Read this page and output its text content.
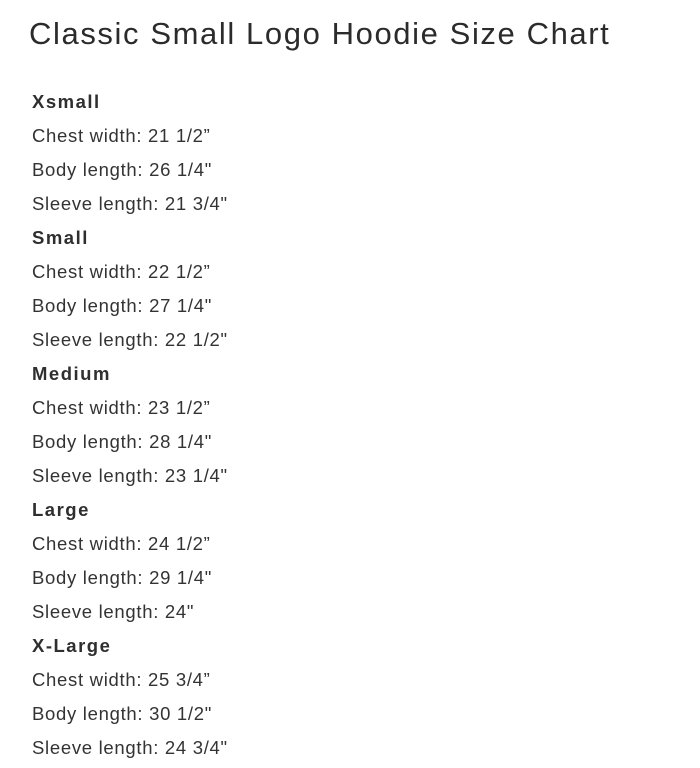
Classic Small Logo Hoodie Size Chart
Xsmall
Chest width: 21 1/2”
Body length: 26 1/4"
Sleeve length: 21 3/4"
Small
Chest width: 22 1/2”
Body length: 27 1/4"
Sleeve length: 22 1/2"
Medium
Chest width: 23 1/2”
Body length: 28 1/4"
Sleeve length: 23 1/4"
Large
Chest width: 24 1/2”
Body length: 29 1/4"
Sleeve length: 24"
X-Large
Chest width: 25 3/4”
Body length: 30 1/2"
Sleeve length: 24 3/4"
